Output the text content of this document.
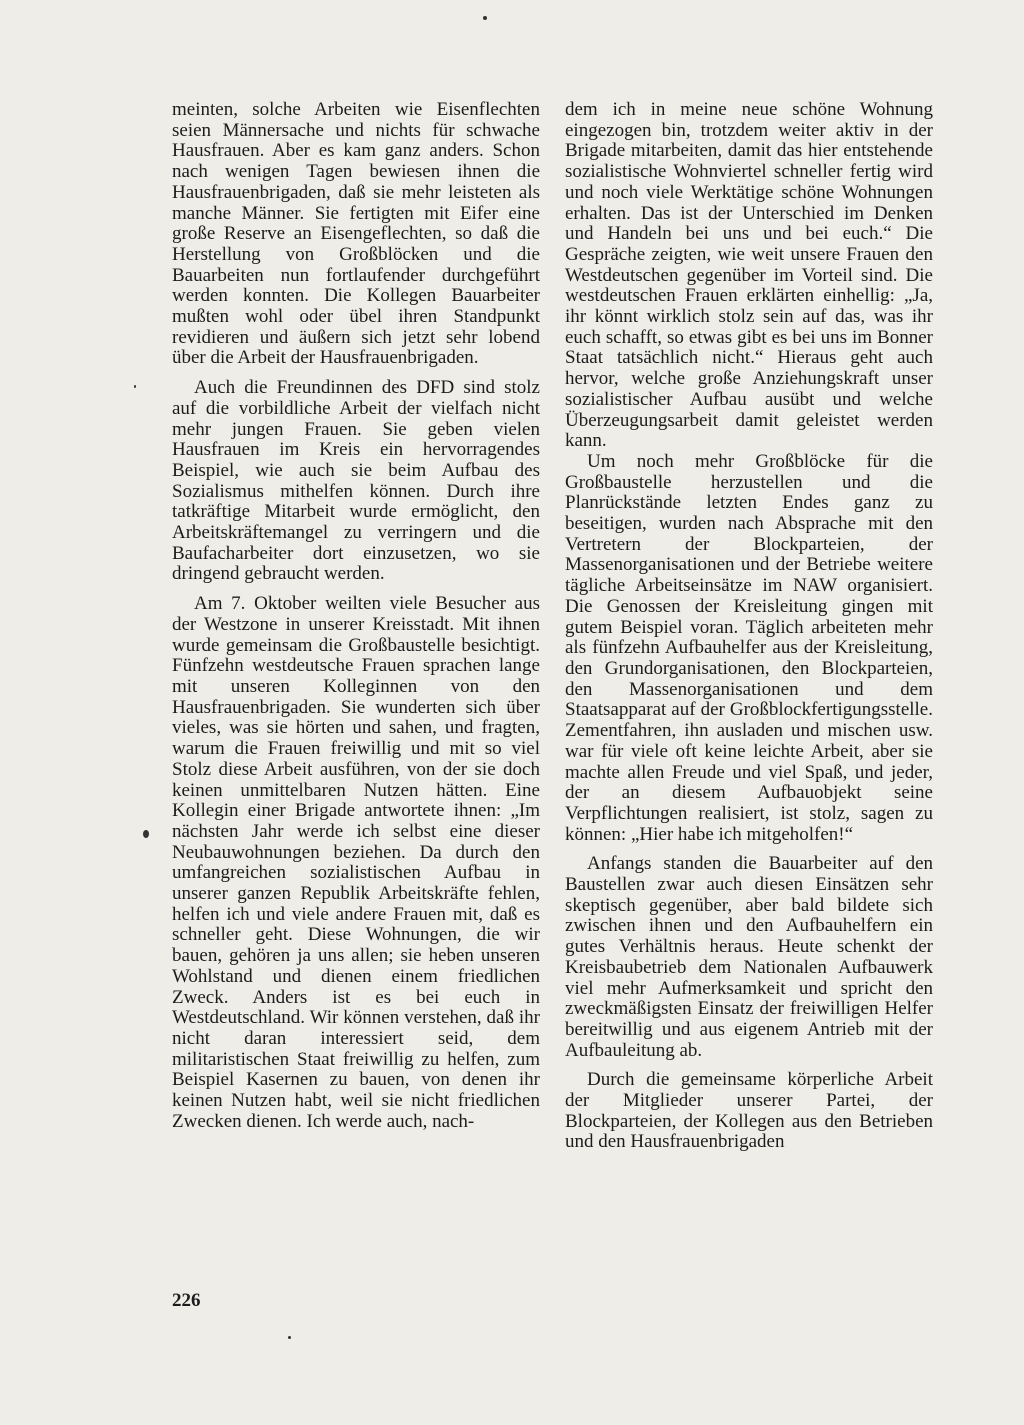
meinten, solche Arbeiten wie Eisenflechten seien Männersache und nichts für schwache Hausfrauen. Aber es kam ganz anders. Schon nach wenigen Tagen bewiesen ihnen die Hausfrauenbrigaden, daß sie mehr leisteten als manche Männer. Sie fertigten mit Eifer eine große Reserve an Eisengeflechten, so daß die Herstellung von Großblöcken und die Bauarbeiten nun fortlaufender durchgeführt werden konnten. Die Kollegen Bauarbeiter mußten wohl oder übel ihren Standpunkt revidieren und äußern sich jetzt sehr lobend über die Arbeit der Hausfrauenbrigaden.

Auch die Freundinnen des DFD sind stolz auf die vorbildliche Arbeit der vielfach nicht mehr jungen Frauen. Sie geben vielen Hausfrauen im Kreis ein hervorragendes Beispiel, wie auch sie beim Aufbau des Sozialismus mithelfen können. Durch ihre tatkräftige Mitarbeit wurde ermöglicht, den Arbeitskräftemangel zu verringern und die Baufacharbeiter dort einzusetzen, wo sie dringend gebraucht werden.

Am 7. Oktober weilten viele Besucher aus der Westzone in unserer Kreisstadt. Mit ihnen wurde gemeinsam die Großbaustelle besichtigt. Fünfzehn westdeutsche Frauen sprachen lange mit unseren Kolleginnen von den Hausfrauenbrigaden. Sie wunderten sich über vieles, was sie hörten und sahen, und fragten, warum die Frauen freiwillig und mit so viel Stolz diese Arbeit ausführen, von der sie doch keinen unmittelbaren Nutzen hätten. Eine Kollegin einer Brigade antwortete ihnen: „Im nächsten Jahr werde ich selbst eine dieser Neubauwohnungen beziehen. Da durch den umfangreichen sozialistischen Aufbau in unserer ganzen Republik Arbeitskräfte fehlen, helfen ich und viele andere Frauen mit, daß es schneller geht. Diese Wohnungen, die wir bauen, gehören ja uns allen; sie heben unseren Wohlstand und dienen einem friedlichen Zweck. Anders ist es bei euch in Westdeutschland. Wir können verstehen, daß ihr nicht daran interessiert seid, dem militaristischen Staat freiwillig zu helfen, zum Beispiel Kasernen zu bauen, von denen ihr keinen Nutzen habt, weil sie nicht friedlichen Zwecken dienen. Ich werde auch, nach-

dem ich in meine neue schöne Wohnung eingezogen bin, trotzdem weiter aktiv in der Brigade mitarbeiten, damit das hier entstehende sozialistische Wohnviertel schneller fertig wird und noch viele Werktätige schöne Wohnungen erhalten. Das ist der Unterschied im Denken und Handeln bei uns und bei euch.“ Die Gespräche zeigten, wie weit unsere Frauen den Westdeutschen gegenüber im Vorteil sind. Die westdeutschen Frauen erklärten einhellig: „Ja, ihr könnt wirklich stolz sein auf das, was ihr euch schafft, so etwas gibt es bei uns im Bonner Staat tatsächlich nicht.“ Hieraus geht auch hervor, welche große Anziehungskraft unser sozialistischer Aufbau ausübt und welche Überzeugungsarbeit damit geleistet werden kann.

Um noch mehr Großblöcke für die Großbaustelle herzustellen und die Planrückstände letzten Endes ganz zu beseitigen, wurden nach Absprache mit den Vertretern der Blockparteien, der Massenorganisationen und der Betriebe weitere tägliche Arbeitseinsätze im NAW organisiert. Die Genossen der Kreisleitung gingen mit gutem Beispiel voran. Täglich arbeiteten mehr als fünfzehn Aufbauhelfer aus der Kreisleitung, den Grundorganisationen, den Blockparteien, den Massenorganisationen und dem Staatsapparat auf der Großblockfertigungsstelle. Zementfahren, ihn ausladen und mischen usw. war für viele oft keine leichte Arbeit, aber sie machte allen Freude und viel Spaß, und jeder, der an diesem Aufbauobjekt seine Verpflichtungen realisiert, ist stolz, sagen zu können: „Hier habe ich mitgeholfen!“

Anfangs standen die Bauarbeiter auf den Baustellen zwar auch diesen Einsätzen sehr skeptisch gegenüber, aber bald bildete sich zwischen ihnen und den Aufbauhelfern ein gutes Verhältnis heraus. Heute schenkt der Kreisbaubetrieb dem Nationalen Aufbauwerk viel mehr Aufmerksamkeit und spricht den zweckmäßigsten Einsatz der freiwilligen Helfer bereitwillig und aus eigenem Antrieb mit der Aufbauleitung ab.

Durch die gemeinsame körperliche Arbeit der Mitglieder unserer Partei, der Blockparteien, der Kollegen aus den Betrieben und den Hausfrauenbrigaden

226
